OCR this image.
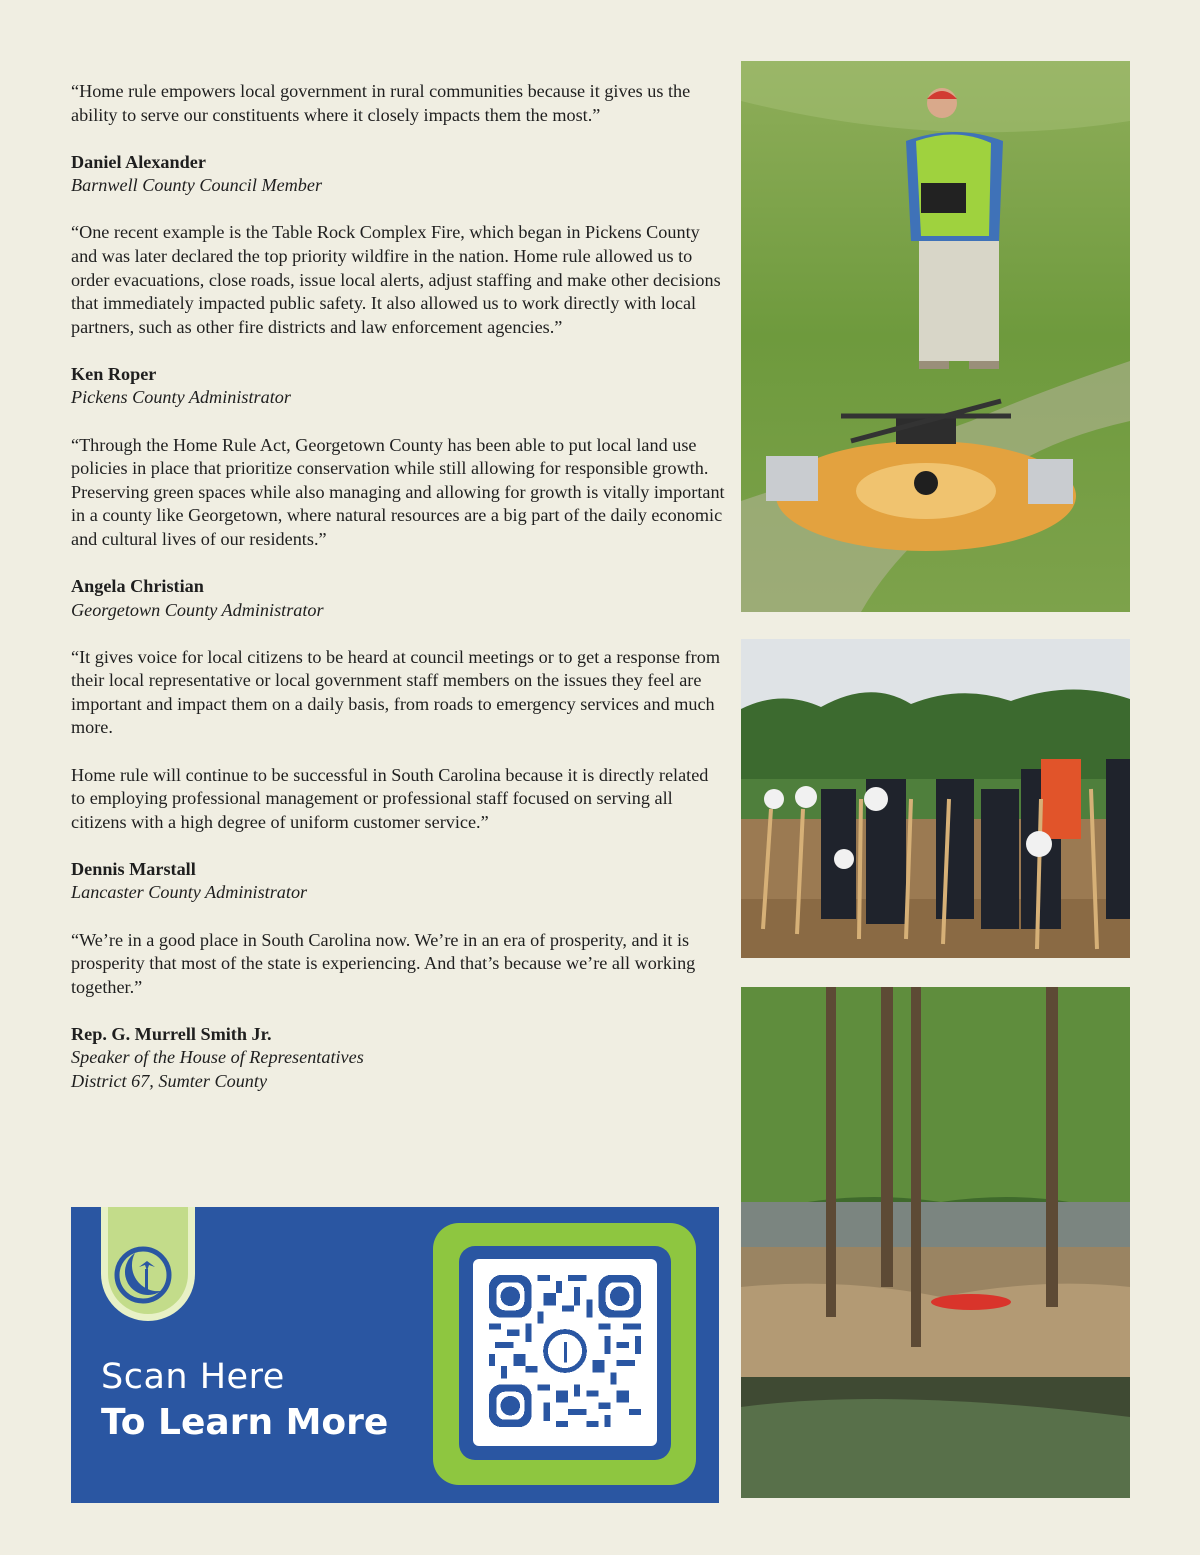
“Home rule empowers local government in rural communities because it gives us the ability to serve our constituents where it closely impacts them the most.”

Daniel Alexander
Barnwell County Council Member

“One recent example is the Table Rock Complex Fire, which began in Pickens County and was later declared the top priority wildfire in the nation. Home rule allowed us to order evacuations, close roads, issue local alerts, adjust staffing and make other decisions that immediately impacted public safety. It also allowed us to work directly with local partners, such as other fire districts and law enforcement agencies.”

Ken Roper
Pickens County Administrator

“Through the Home Rule Act, Georgetown County has been able to put local land use policies in place that prioritize conservation while still allowing for responsible growth. Preserving green spaces while also managing and allowing for growth is vitally important in a county like Georgetown, where natural resources are a big part of the daily economic and cultural lives of our residents.”

Angela Christian
Georgetown County Administrator

“It gives voice for local citizens to be heard at council meetings or to get a response from their local representative or local government staff members on the issues they feel are important and impact them on a daily basis, from roads to emergency services and much more.

Home rule will continue to be successful in South Carolina because it is directly related to employing professional management or professional staff focused on serving all citizens with a high degree of uniform customer service.”

Dennis Marstall
Lancaster County Administrator

“We’re in a good place in South Carolina now. We’re in an era of prosperity, and it is prosperity that most of the state is experiencing. And that’s because we’re all working together.”

Rep. G. Murrell Smith Jr.
Speaker of the House of Representatives
District 67, Sumter County

Scan Here
To Learn More
